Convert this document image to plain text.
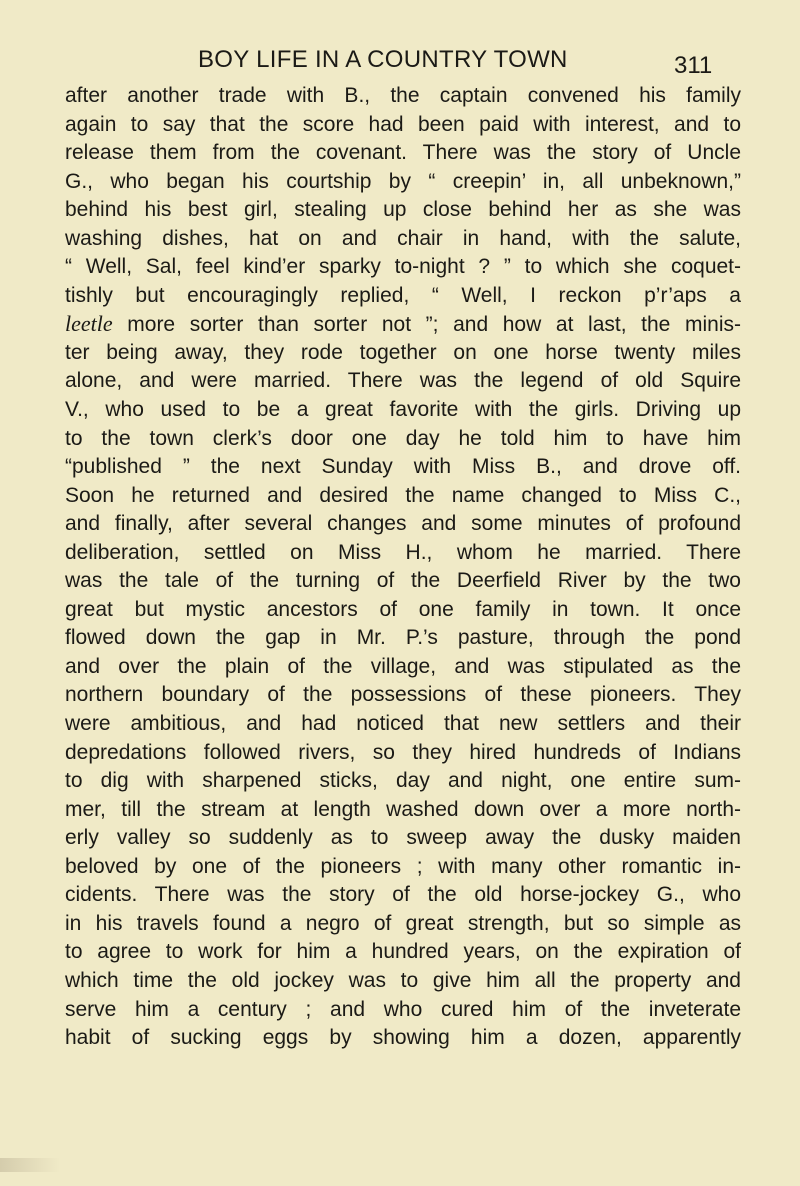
BOY LIFE IN A COUNTRY TOWN	311
after another trade with B., the captain convened his family
again to say that the score had been paid with interest, and to
release them from the covenant. There was the story of Uncle
G., who began his courtship by “ creepin’ in, all unbeknown,”
behind his best girl, stealing up close behind her as she was
washing dishes, hat on and chair in hand, with the salute,
“ Well, Sal, feel kind’er sparky to-night ? ” to which she coquet-
tishly but encouragingly replied, “ Well, I reckon p’r’aps a
leetle more sorter than sorter not ”; and how at last, the minis-
ter being away, they rode together on one horse twenty miles
alone, and were married. There was the legend of old Squire
V., who used to be a great favorite with the girls. Driving up
to the town clerk’s door one day he told him to have him
“published ” the next Sunday with Miss B., and drove off.
Soon he returned and desired the name changed to Miss C.,
and finally, after several changes and some minutes of profound
deliberation, settled on Miss H., whom he married. There
was the tale of the turning of the Deerfield River by the two
great but mystic ancestors of one family in town. It once
flowed down the gap in Mr. P.’s pasture, through the pond
and over the plain of the village, and was stipulated as the
northern boundary of the possessions of these pioneers. They
were ambitious, and had noticed that new settlers and their
depredations followed rivers, so they hired hundreds of Indians
to dig with sharpened sticks, day and night, one entire sum-
mer, till the stream at length washed down over a more north-
erly valley so suddenly as to sweep away the dusky maiden
beloved by one of the pioneers ; with many other romantic in-
cidents. There was the story of the old horse-jockey G., who
in his travels found a negro of great strength, but so simple as
to agree to work for him a hundred years, on the expiration of
which time the old jockey was to give him all the property and
serve him a century ; and who cured him of the inveterate
habit of sucking eggs by showing him a dozen, apparently
